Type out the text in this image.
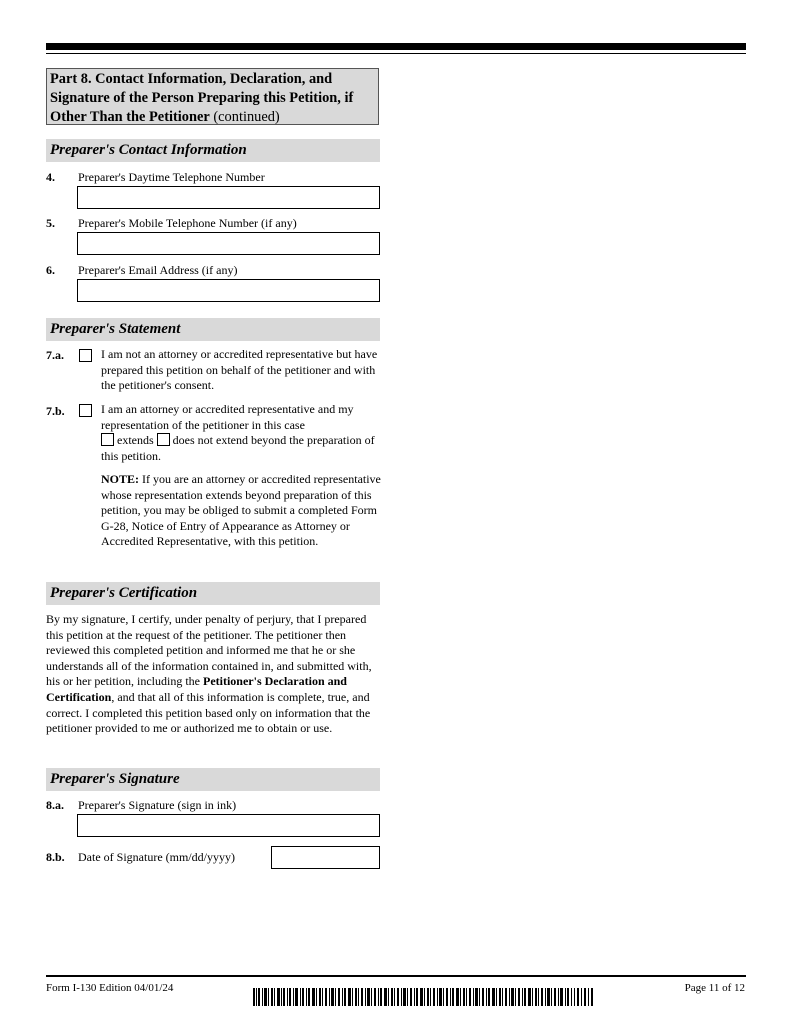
Part 8. Contact Information, Declaration, and Signature of the Person Preparing this Petition, if Other Than the Petitioner (continued)
Preparer's Contact Information
4. Preparer's Daytime Telephone Number
5. Preparer's Mobile Telephone Number (if any)
6. Preparer's Email Address (if any)
Preparer's Statement
7.a.	I am not an attorney or accredited representative but have prepared this petition on behalf of the petitioner and with the petitioner's consent.
7.b.	I am an attorney or accredited representative and my representation of the petitioner in this case
extends does not extend beyond the preparation of this petition.
NOTE: If you are an attorney or accredited representative whose representation extends beyond preparation of this petition, you may be obliged to submit a completed Form G-28, Notice of Entry of Appearance as Attorney or Accredited Representative, with this petition.
Preparer's Certification
By my signature, I certify, under penalty of perjury, that I prepared this petition at the request of the petitioner. The petitioner then reviewed this completed petition and informed me that he or she understands all of the information contained in, and submitted with, his or her petition, including the Petitioner's Declaration and Certification, and that all of this information is complete, true, and correct. I completed this petition based only on information that the petitioner provided to me or authorized me to obtain or use.
Preparer's Signature
8.a. Preparer's Signature (sign in ink)
8.b. Date of Signature (mm/dd/yyyy)
Form I-130 Edition 04/01/24	Page 11 of 12
